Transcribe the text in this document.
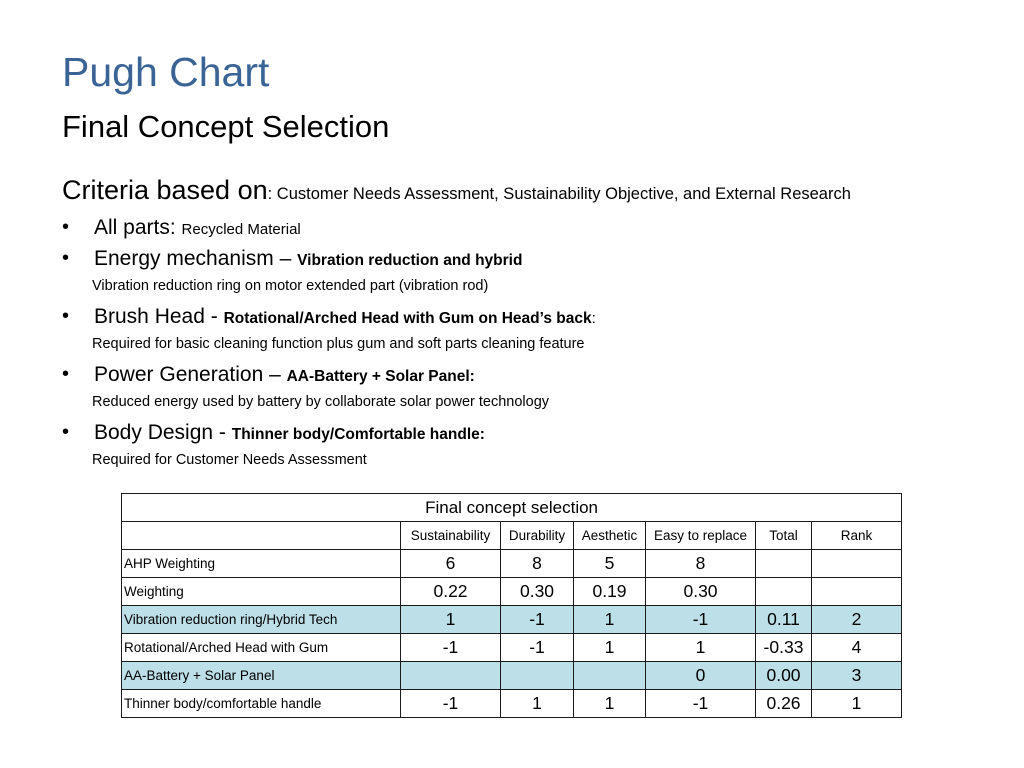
Pugh Chart
Final Concept Selection
Criteria based on: Customer Needs Assessment, Sustainability Objective, and External Research
• All parts: Recycled Material
• Energy mechanism – Vibration reduction and hybrid
Vibration reduction ring on motor extended part (vibration rod)
• Brush Head - Rotational/Arched Head with Gum on Head’s back:
Required for basic cleaning function plus gum and soft parts cleaning feature
• Power Generation – AA-Battery + Solar Panel:
Reduced energy used by battery by collaborate solar power technology
• Body Design - Thinner body/Comfortable handle:
Required for Customer Needs Assessment
Final concept selection						
	Sustainability	Durability	Aesthetic	Easy to replace	Total	Rank
AHP Weighting	6	8	5	8		
Weighting	0.22	0.30	0.19	0.30		
Vibration reduction ring/Hybrid Tech	1	-1	1	-1	0.11	2
Rotational/Arched Head with Gum	-1	-1	1	1	-0.33	4
AA-Battery + Solar Panel				0	0.00	3
Thinner body/comfortable handle	-1	1	1	-1	0.26	1
